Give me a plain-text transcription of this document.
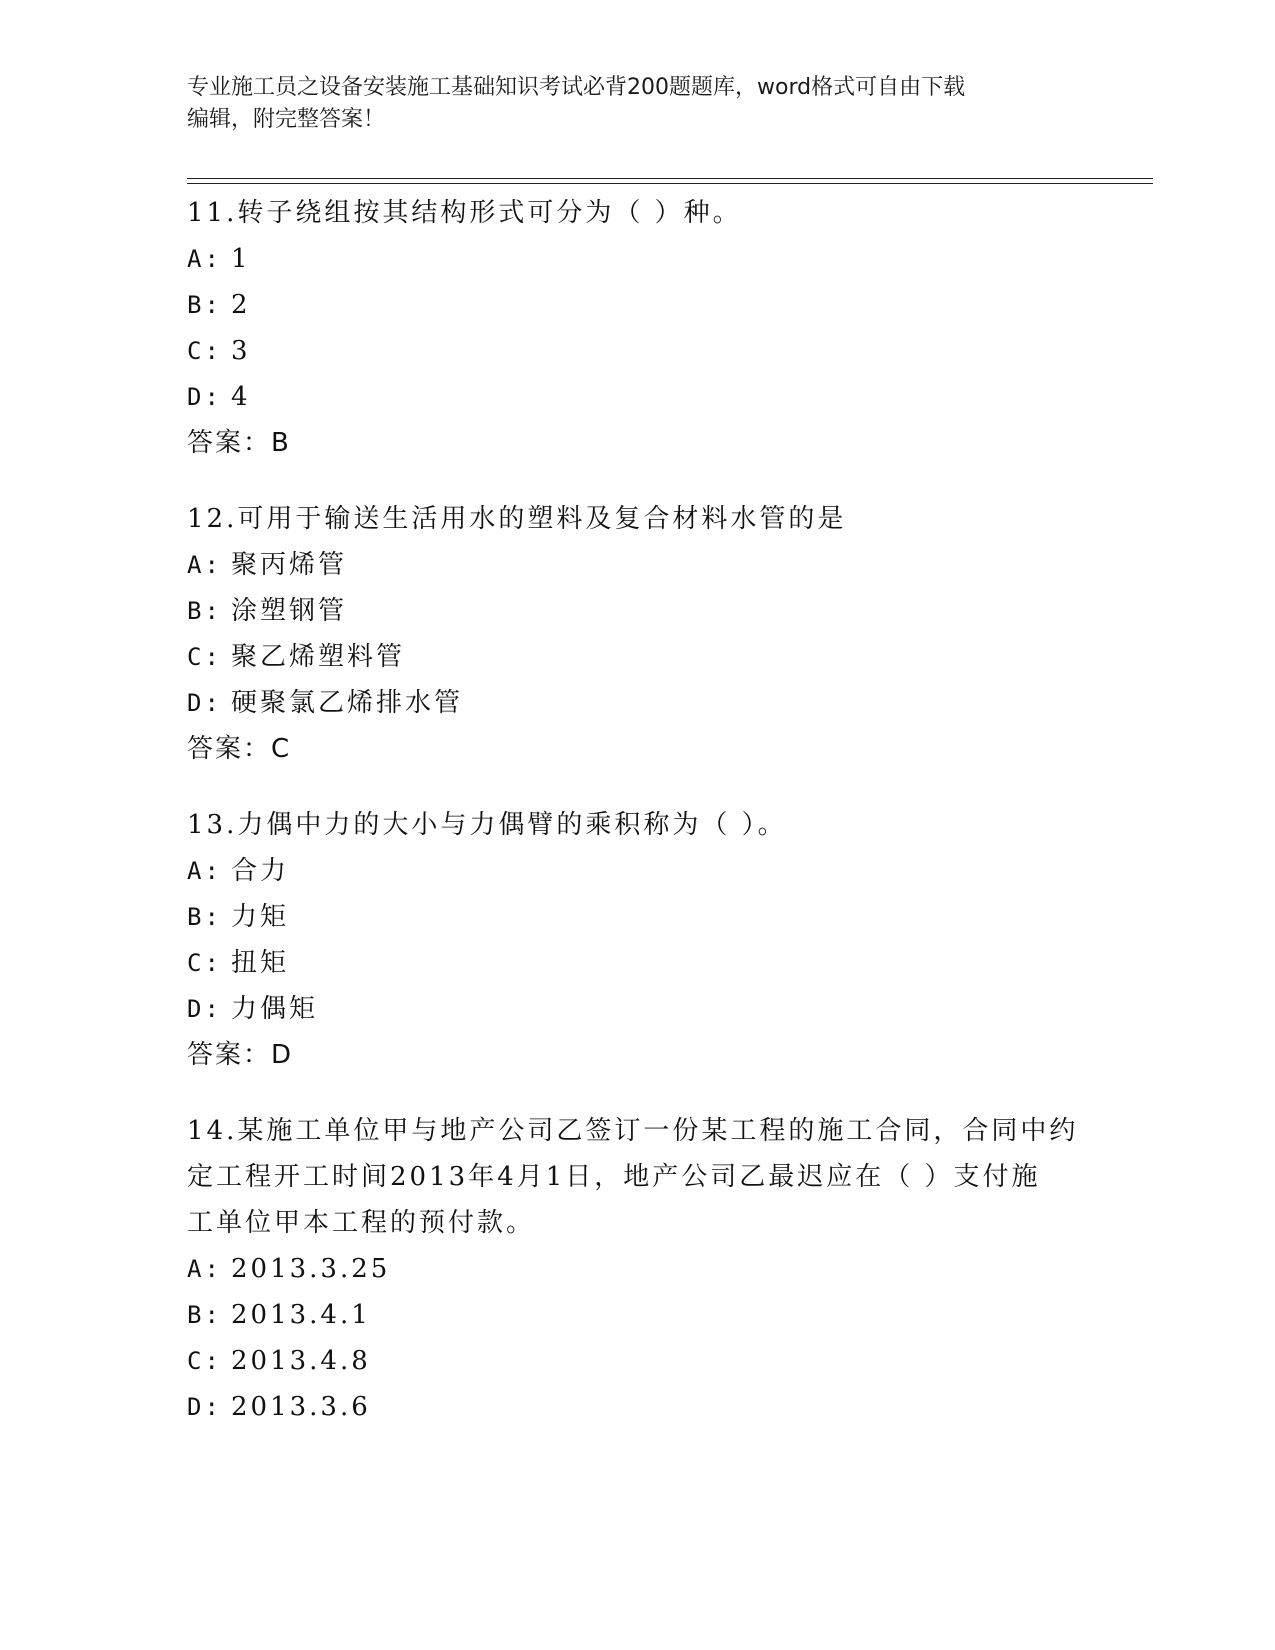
专业施工员之设备安装施工基础知识考试必背200题题库，word格式可自由下载
编辑，附完整答案！

11.转子绕组按其结构形式可分为（ ）种。

A: 1
B: 2
C: 3
D: 4
答案：B

12.可用于输送生活用水的塑料及复合材料水管的是

A: 聚丙烯管
B: 涂塑钢管
C: 聚乙烯塑料管
D: 硬聚氯乙烯排水管
答案：C

13.力偶中力的大小与力偶臂的乘积称为（ ）。

A: 合力
B: 力矩
C: 扭矩
D: 力偶矩
答案：D

14.某施工单位甲与地产公司乙签订一份某工程的施工合同，合同中约

定工程开工时间2013年4月1日，地产公司乙最迟应在（ ）支付施

工单位甲本工程的预付款。

A: 2013.3.25
B: 2013.4.1
C: 2013.4.8
D: 2013.3.6
